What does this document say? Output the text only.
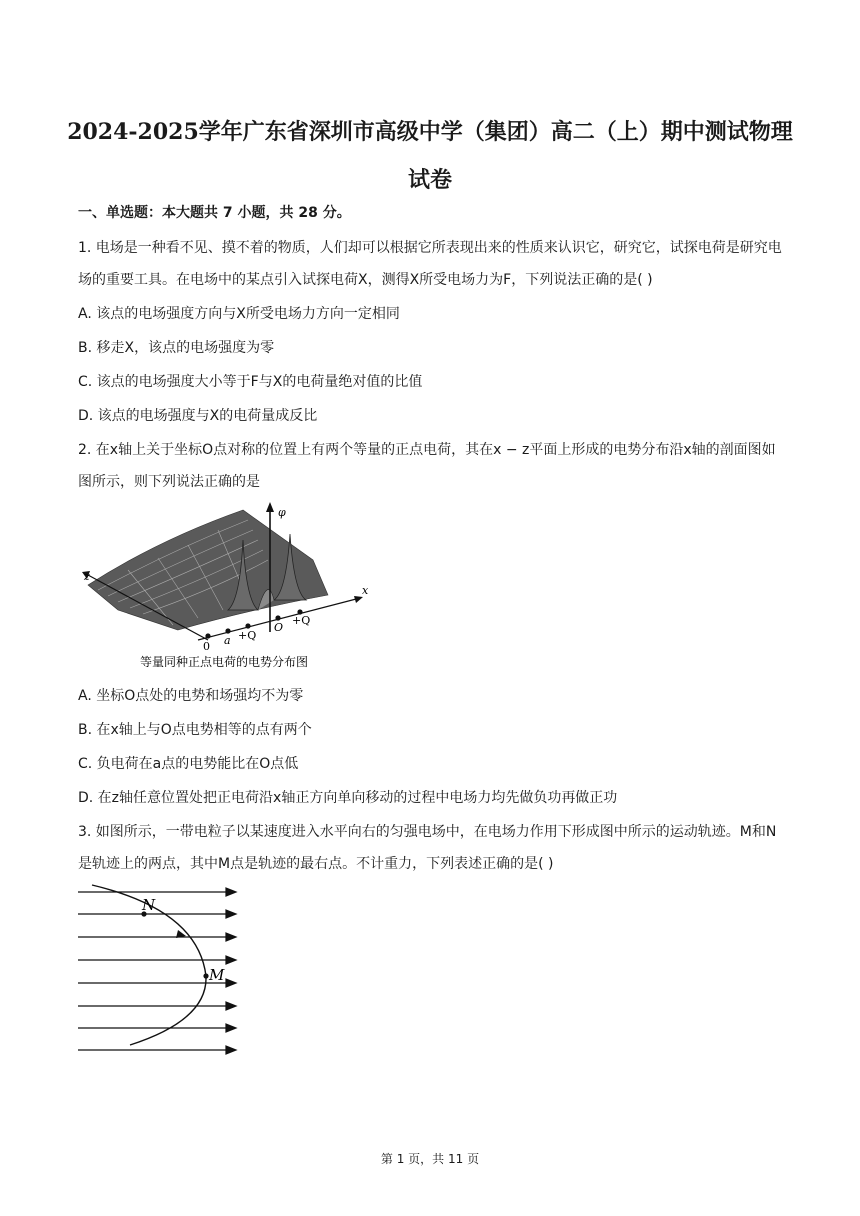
2024-2025学年广东省深圳市高级中学（集团）高二（上）期中测试物理试卷
一、单选题：本大题共 7 小题，共 28 分。
1. 电场是一种看不见、摸不着的物质，人们却可以根据它所表现出来的性质来认识它，研究它，试探电荷是研究电场的重要工具。在电场中的某点引入试探电荷X，测得X所受电场力为F，下列说法正确的是( )
A. 该点的电场强度方向与X所受电场力方向一定相同
B. 移走X，该点的电场强度为零
C. 该点的电场强度大小等于F与X的电荷量绝对值的比值
D. 该点的电场强度与X的电荷量成反比
2. 在x轴上关于坐标O点对称的位置上有两个等量的正点电荷，其在x − z平面上形成的电势分布沿x轴的剖面图如图所示，则下列说法正确的是
φ
z
x
0 a +Q
O
+Q
等量同种正点电荷的电势分布图
A. 坐标O点处的电势和场强均不为零
B. 在x轴上与O点电势相等的点有两个
C. 负电荷在a点的电势能比在O点低
D. 在z轴任意位置处把正电荷沿x轴正方向单向移动的过程中电场力均先做负功再做正功
3. 如图所示，一带电粒子以某速度进入水平向右的匀强电场中，在电场力作用下形成图中所示的运动轨迹。M和N是轨迹上的两点，其中M点是轨迹的最右点。不计重力，下列表述正确的是( )
N
M
第 1 页，共 11 页
